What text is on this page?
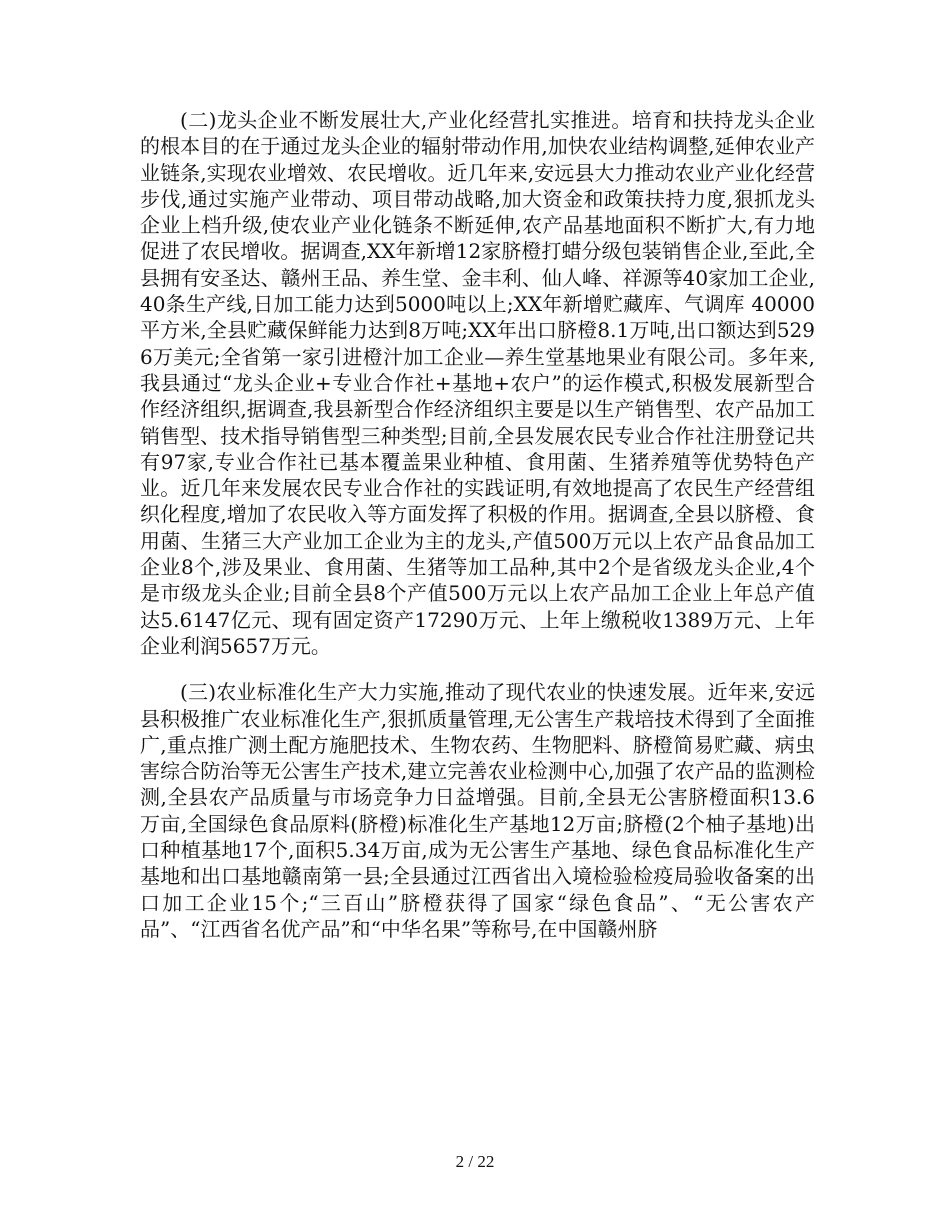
(二)龙头企业不断发展壮大,产业化经营扎实推进。培育和扶持龙头企业的根本目的在于通过龙头企业的辐射带动作用,加快农业结构调整,延伸农业产业链条,实现农业增效、农民增收。近几年来,安远县大力推动农业产业化经营步伐,通过实施产业带动、项目带动战略,加大资金和政策扶持力度,狠抓龙头企业上档升级,使农业产业化链条不断延伸,农产品基地面积不断扩大,有力地促进了农民增收。据调查,XX年新增12家脐橙打蜡分级包装销售企业,至此,全县拥有安圣达、赣州王品、养生堂、金丰利、仙人峰、祥源等40家加工企业,40条生产线,日加工能力达到5000吨以上;XX年新增贮藏库、气调库 40000平方米,全县贮藏保鲜能力达到8万吨;XX年出口脐橙8.1万吨,出口额达到5296万美元;全省第一家引进橙汁加工企业—养生堂基地果业有限公司。多年来,我县通过“龙头企业+专业合作社+基地+农户”的运作模式,积极发展新型合作经济组织,据调查,我县新型合作经济组织主要是以生产销售型、农产品加工销售型、技术指导销售型三种类型;目前,全县发展农民专业合作社注册登记共有97家,专业合作社已基本覆盖果业种植、食用菌、生猪养殖等优势特色产业。近几年来发展农民专业合作社的实践证明,有效地提高了农民生产经营组织化程度,增加了农民收入等方面发挥了积极的作用。据调查,全县以脐橙、食用菌、生猪三大产业加工企业为主的龙头,产值500万元以上农产品食品加工企业8个,涉及果业、食用菌、生猪等加工品种,其中2个是省级龙头企业,4个是市级龙头企业;目前全县8个产值500万元以上农产品加工企业上年总产值达5.6147亿元、现有固定资产17290万元、上年上缴税收1389万元、上年企业利润5657万元。

(三)农业标准化生产大力实施,推动了现代农业的快速发展。近年来,安远县积极推广农业标准化生产,狠抓质量管理,无公害生产栽培技术得到了全面推广,重点推广测土配方施肥技术、生物农药、生物肥料、脐橙简易贮藏、病虫害综合防治等无公害生产技术,建立完善农业检测中心,加强了农产品的监测检测,全县农产品质量与市场竞争力日益增强。目前,全县无公害脐橙面积13.6万亩,全国绿色食品原料(脐橙)标准化生产基地12万亩;脐橙(2个柚子基地)出口种植基地17个,面积5.34万亩,成为无公害生产基地、绿色食品标准化生产基地和出口基地赣南第一县;全县通过江西省出入境检验检疫局验收备案的出口加工企业15个;“三百山”脐橙获得了国家“绿色食品”、“无公害农产品”、“江西省名优产品”和“中华名果”等称号,在中国赣州脐

2 / 22
